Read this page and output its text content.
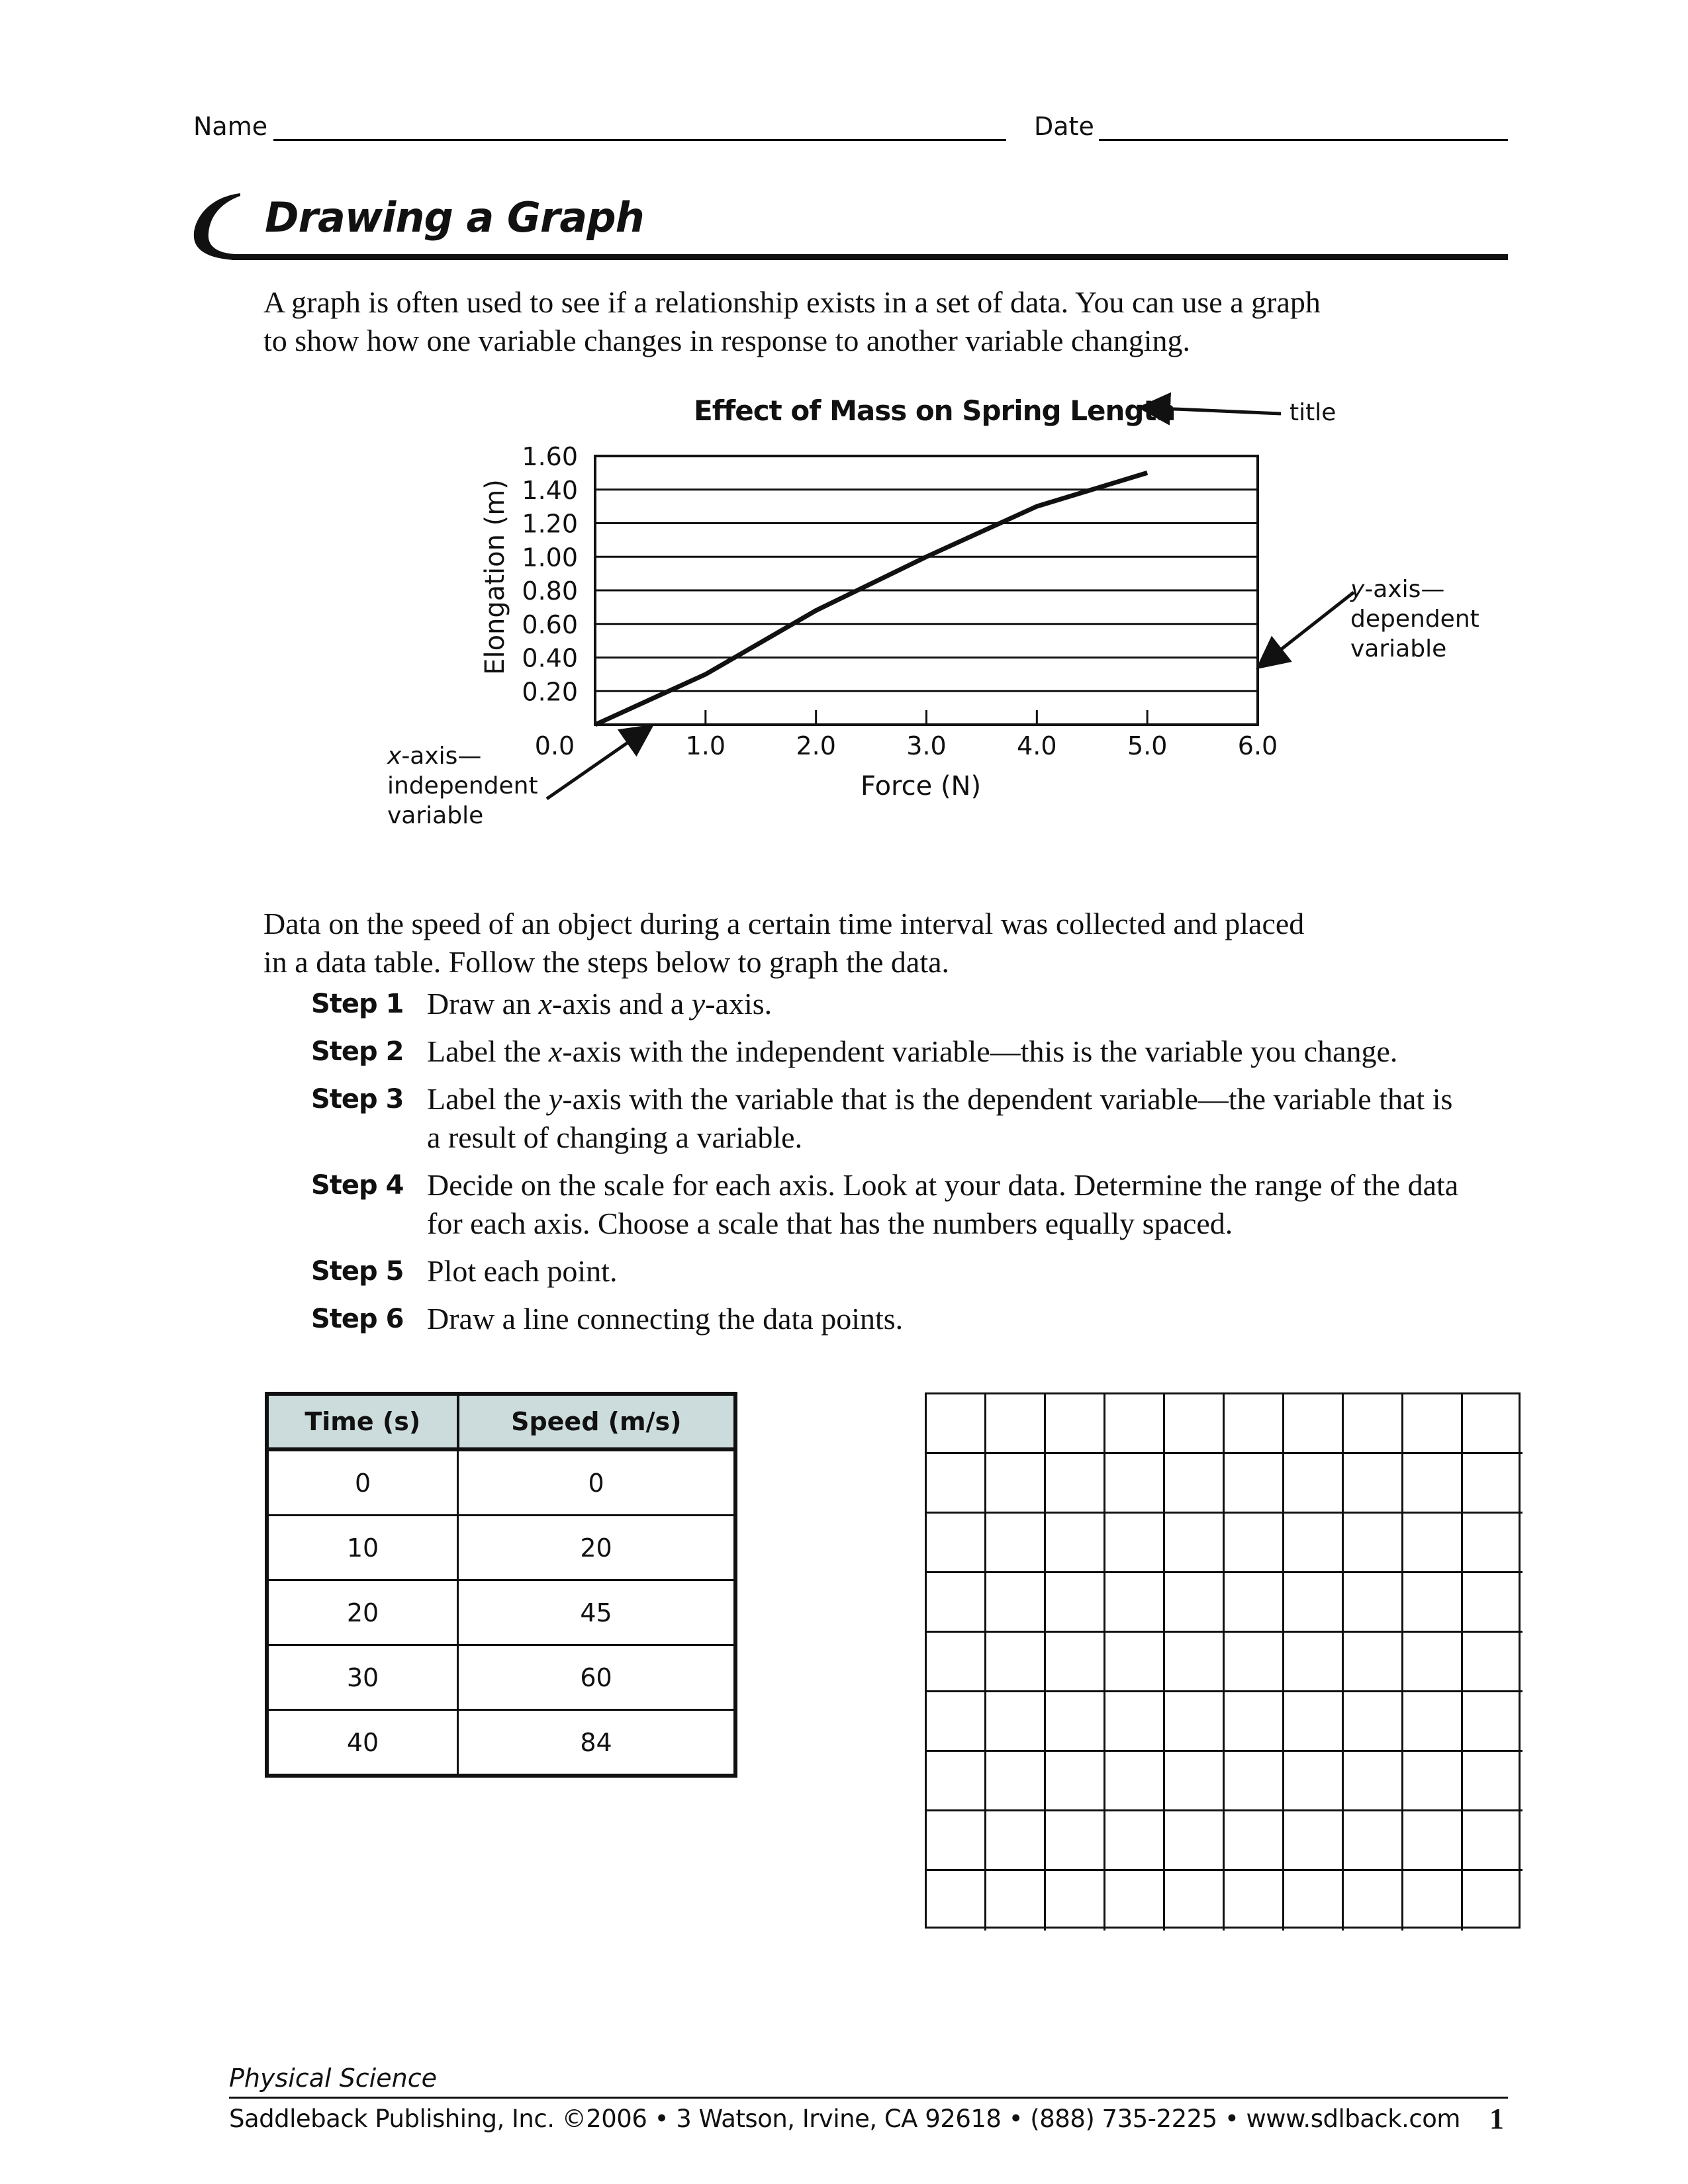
Name	Date
Drawing a Graph
A graph is often used to see if a relationship exists in a set of data. You can use a graph
to show how one variable changes in response to another variable changing.
0.20
0.40
0.60
0.80
1.00
1.20
1.40
1.60
0.0	1.0	2.0	3.0	4.0	5.0	6.0
Effect of Mass on Spring Length	title
Elongation (m)
Force (N)
y-axis—
dependent
variable
x-axis—
independent
variable
Data on the speed of an object during a certain time interval was collected and placed
in a data table. Follow the steps below to graph the data.
Step 1 Draw an x-axis and a y-axis.
Step 2 Label the x-axis with the independent variable—this is the variable you change.
Step 3 Label the y-axis with the variable that is the dependent variable—the variable that is a result of changing a variable.
Step 4 Decide on the scale for each axis. Look at your data. Determine the range of the data for each axis. Choose a scale that has the numbers equally spaced.
Step 5 Plot each point.
Step 6 Draw a line connecting the data points.
Time (s)	Speed (m/s)
0	0
10	20
20	45
30	60
40	84
Physical Science
Saddleback Publishing, Inc. ©2006 • 3 Watson, Irvine, CA 92618 • (888) 735-2225 • www.sdlback.com 1
